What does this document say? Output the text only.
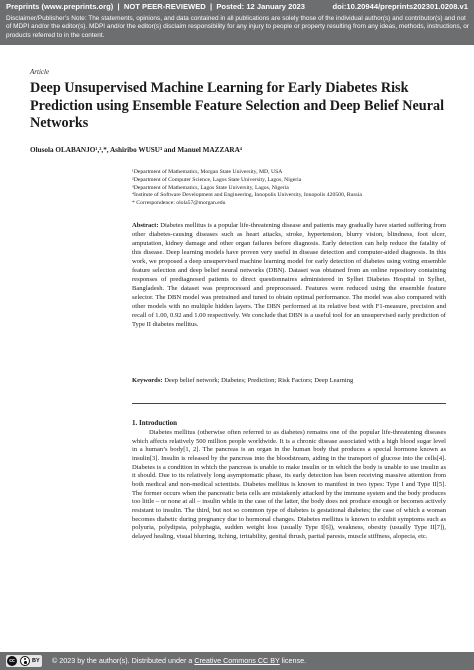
Preprints (www.preprints.org) | NOT PEER-REVIEWED | Posted: 12 January 2023	doi:10.20944/preprints202301.0208.v1
Disclaimer/Publisher’s Note: The statements, opinions, and data contained in all publications are solely those of the individual author(s) and contributor(s) and not of MDPI and/or the editor(s). MDPI and/or the editor(s) disclaim responsibility for any injury to people or property resulting from any ideas, methods, instructions, or products referred to in the content.
Article
Deep Unsupervised Machine Learning for Early Diabetes Risk Prediction using Ensemble Feature Selection and Deep Belief Neural Networks
Olusola OLABANJO¹,²,*, Ashiribo WUSU³ and Manuel MAZZARA⁴
¹Department of Mathematics, Morgan State University, MD, USA
²Department of Computer Science, Lagos State University, Lagos, Nigeria
³Department of Mathematics, Lagos State University, Lagos, Nigeria
⁴Institute of Software Development and Engineering, Innopolis University, Innopolis 420500, Russia
* Correspondence: olola57@morgan.edu

Abstract: Diabetes mellitus is a popular life-threatening disease and patients may gradually have started suffering from other diabetes-causing diseases such as heart attacks, stroke, hypertension, blurry vision, blindness, foot ulcer, amputation, kidney damage and other organ failures before diagnosis. Early detection can help reduce the fatality of this disease. Deep learning models have proven very useful in disease detection and computer-aided diagnosis. In this work, we proposed a deep unsupervised machine learning model for early detection of diabetes using voting ensemble feature selection and deep belief neural networks (DBN). Dataset was obtained from an online repository containing responses of prediagnosed patients to direct questionnaires administered in Sylhet Diabetes Hospital in Sylhet, Bangladesh. The dataset was preprocessed and preprocessed. Features were reduced using the ensemble feature selector. The DBN model was pretrained and tuned to obtain optimal performance. The model was also compared with other models with no multiple hidden layers. The DBN performed at its relative best with F1-measure, precision and recall of 1.00, 0.92 and 1.00 respectively. We conclude that DBN is a useful tool for an unsupervised early prediction of Type II diabetes mellitus.

Keywords: Deep belief network; Diabetes; Prediction; Risk Factors; Deep Learning

1. Introduction

Diabetes mellitus (otherwise often referred to as diabetes) remains one of the popular life-threatening diseases which affects relatively 500 million people worldwide. It is a chronic disease associated with a high blood sugar level in a human’s body[1, 2]. The pancreas is an organ in the human body that produces a special hormone known as insulin[3]. Insulin is released by the pancreas into the bloodstream, aiding in the transport of glucose into the cells[4]. Diabetes is a condition in which the pancreas is unable to make insulin or in which the body is unable to use insulin as it should. Due to its relatively long asymptomatic phase, its early detection has been receiving massive attention from both medical and non-medical scientists. Diabetes mellitus is known to manifest in two types: Type I and Type II[5]. The former occurs when the pancreatic beta cells are mistakenly attacked by the immune system and the body produces too little – or none at all – insulin while in the case of the latter, the body does not produce enough or becomes actively resistant to insulin. The third, but not so common type of diabetes is gestational diabetes; the case of which a woman becomes diabetic during pregnancy due to hormonal changes. Diabetes mellitus is known to exhibit symptoms such as polyuria, polydipsia, polyphagia, sudden weight loss (usually Type I[6]), weakness, obesity (usually Type II[7]), delayed healing, visual blurring, itching, irritability, genital thrush, partial paresis, muscle stiffness, alopecia, etc.

cc	BY © 2023 by the author(s). Distributed under a Creative Commons CC BY license.
